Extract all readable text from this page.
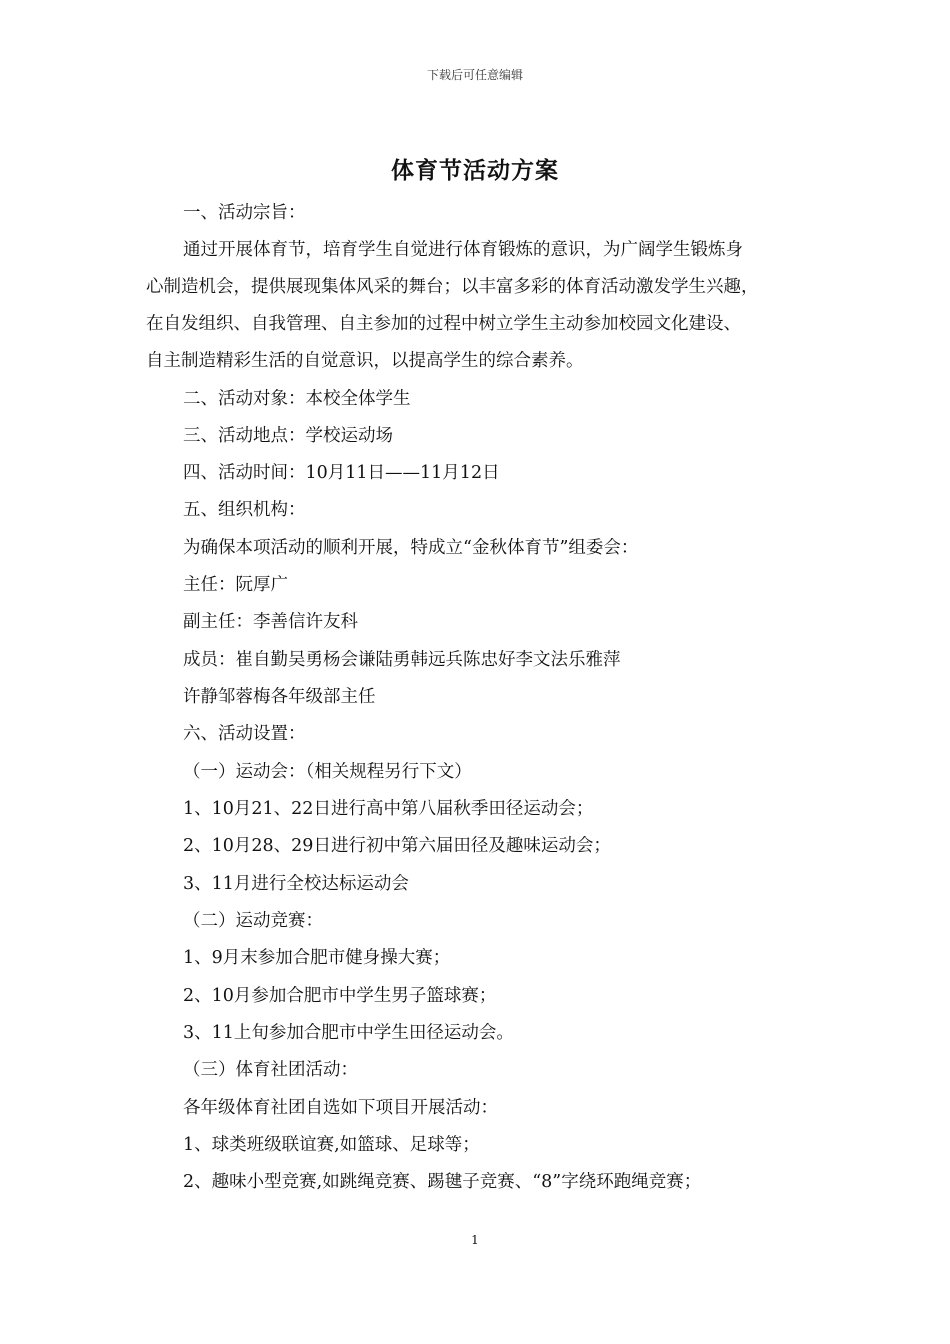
下载后可任意编辑
体育节活动方案
一、活动宗旨：
通过开展体育节，培育学生自觉进行体育锻炼的意识，为广阔学生锻炼身
心制造机会，提供展现集体风采的舞台；以丰富多彩的体育活动激发学生兴趣，
在自发组织、自我管理、自主参加的过程中树立学生主动参加校园文化建设、
自主制造精彩生活的自觉意识，以提高学生的综合素养。
二、活动对象：本校全体学生
三、活动地点：学校运动场
四、活动时间：10月11日——11月12日
五、组织机构：
为确保本项活动的顺利开展，特成立“金秋体育节”组委会：
主任：阮厚广
副主任：李善信许友科
成员：崔自勤吴勇杨会谦陆勇韩远兵陈忠好李文法乐雅萍
许静邹蓉梅各年级部主任
六、活动设置：
（一）运动会：（相关规程另行下文）
1、10月21、22日进行高中第八届秋季田径运动会；
2、10月28、29日进行初中第六届田径及趣味运动会；
3、11月进行全校达标运动会
（二）运动竞赛：
1、9月末参加合肥市健身操大赛；
2、10月参加合肥市中学生男子篮球赛；
3、11上旬参加合肥市中学生田径运动会。
（三）体育社团活动：
各年级体育社团自选如下项目开展活动：
1、球类班级联谊赛,如篮球、足球等；
2、趣味小型竞赛,如跳绳竞赛、踢毽子竞赛、“8”字绕环跑绳竞赛；
1
